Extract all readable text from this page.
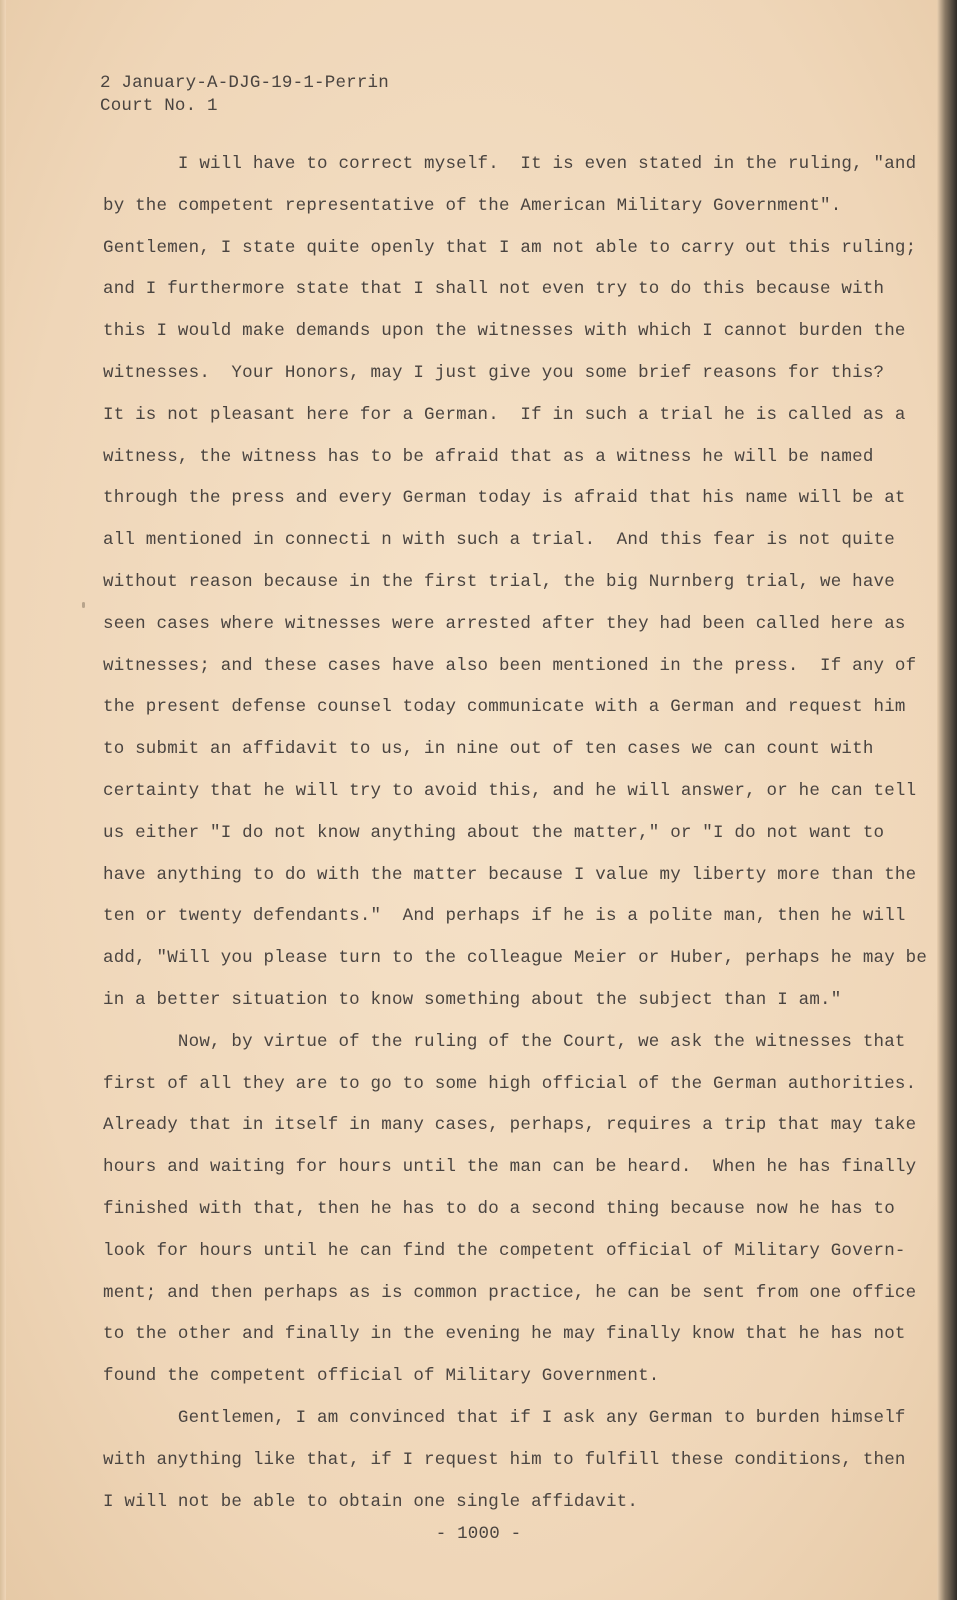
2 January-A-DJG-19-1-Perrin
Court No. 1
I will have to correct myself.  It is even stated in the ruling, "and
by the competent representative of the American Military Government".
Gentlemen, I state quite openly that I am not able to carry out this ruling;
and I furthermore state that I shall not even try to do this because with
this I would make demands upon the witnesses with which I cannot burden the
witnesses.  Your Honors, may I just give you some brief reasons for this?
It is not pleasant here for a German.  If in such a trial he is called as a
witness, the witness has to be afraid that as a witness he will be named
through the press and every German today is afraid that his name will be at
all mentioned in connecti n with such a trial.  And this fear is not quite
without reason because in the first trial, the big Nurnberg trial, we have
seen cases where witnesses were arrested after they had been called here as
witnesses; and these cases have also been mentioned in the press.  If any of
the present defense counsel today communicate with a German and request him
to submit an affidavit to us, in nine out of ten cases we can count with
certainty that he will try to avoid this, and he will answer, or he can tell
us either "I do not know anything about the matter," or "I do not want to
have anything to do with the matter because I value my liberty more than the
ten or twenty defendants."  And perhaps if he is a polite man, then he will
add, "Will you please turn to the colleague Meier or Huber, perhaps he may be
in a better situation to know something about the subject than I am."
Now, by virtue of the ruling of the Court, we ask the witnesses that
first of all they are to go to some high official of the German authorities.
Already that in itself in many cases, perhaps, requires a trip that may take
hours and waiting for hours until the man can be heard.  When he has finally
finished with that, then he has to do a second thing because now he has to
look for hours until he can find the competent official of Military Govern-
ment; and then perhaps as is common practice, he can be sent from one office
to the other and finally in the evening he may finally know that he has not
found the competent official of Military Government.
Gentlemen, I am convinced that if I ask any German to burden himself
with anything like that, if I request him to fulfill these conditions, then
I will not be able to obtain one single affidavit.
- 1000 -
